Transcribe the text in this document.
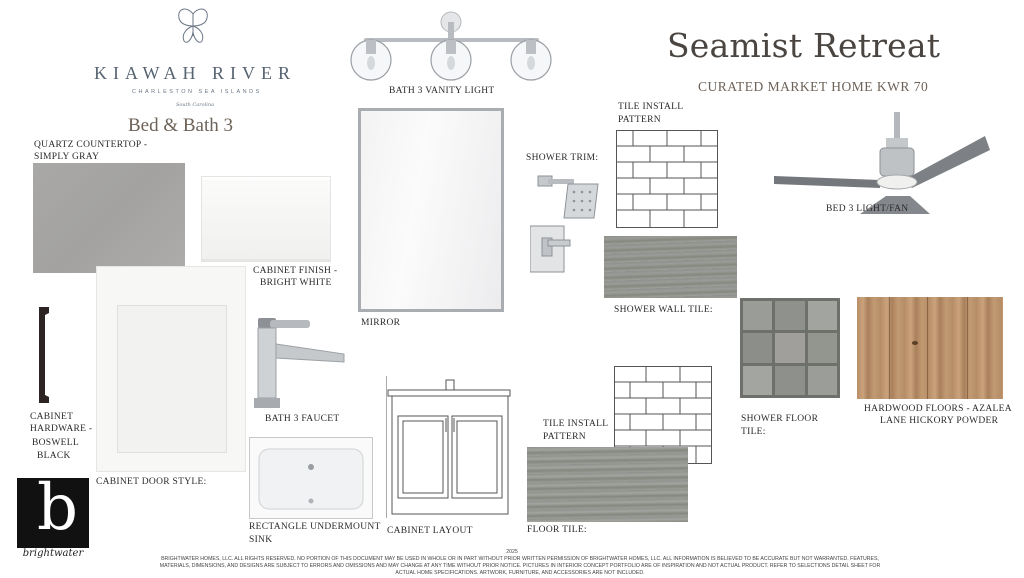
KIAWAH RIVER
CHARLESTON SEA ISLANDS
South Carolina
Bed & Bath 3
Seamist Retreat
CURATED MARKET HOME KWR 70
BATH 3 VANITY LIGHT
QUARTZ COUNTERTOP -
SIMPLY GRAY
CABINET FINISH -
BRIGHT WHITE
MIRROR
SHOWER TRIM:
TILE INSTALL
PATTERN
BED 3 LIGHT/FAN
SHOWER WALL TILE:
CABINET
HARDWARE -
BOSWELL
BLACK
CABINET DOOR STYLE:
BATH 3 FAUCET
RECTANGLE UNDERMOUNT
SINK
CABINET LAYOUT
TILE INSTALL
PATTERN
FLOOR TILE:
SHOWER FLOOR
TILE:
HARDWOOD FLOORS - AZALEA
LANE HICKORY POWDER
b
brightwater	2025
BRIGHTWATER HOMES, LLC. ALL RIGHTS RESERVED. NO PORTION OF THIS DOCUMENT MAY BE USED IN WHOLE OR IN PART WITHOUT PRIOR WRITTEN PERMISSION OF BRIGHTWATER HOMES, LLC. ALL INFORMATION IS BELIEVED TO BE ACCURATE BUT NOT WARRANTED. FEATURES,
MATERIALS, DIMENSIONS, AND DESIGNS ARE SUBJECT TO ERRORS AND OMISSIONS AND MAY CHANGE AT ANY TIME WITHOUT PRIOR NOTICE. PICTURES IN INTERIOR CONCEPT PORTFOLIO ARE OF INSPIRATION AND NOT ACTUAL PRODUCT. REFER TO SELECTIONS DETAIL SHEET FOR
ACTUAL HOME SPECIFICATIONS. ARTWORK, FURNITURE, AND ACCESSORIES ARE NOT INCLUDED.
